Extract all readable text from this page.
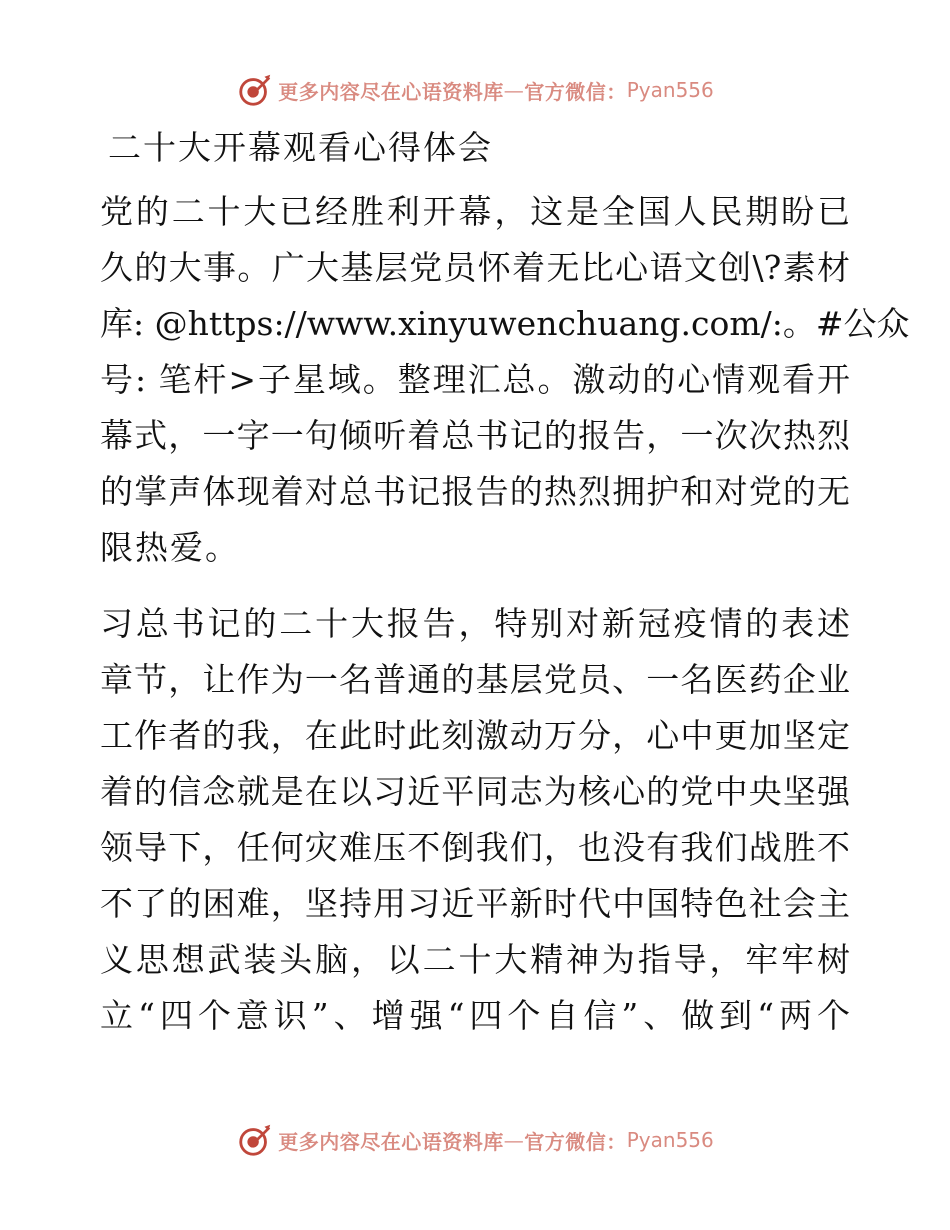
更多内容尽在心语资料库 — 官方微信： Pyan556
二十大开幕观看心得体会
党的二十大已经胜利开幕，这是全国人民期盼已
久的大事。广大基层党员怀着无比心语文创\?素材
库: @https://www.xinyuwenchuang.com/:。#公众
号: 笔杆>子星域。整理汇总。激动的心情观看开
幕式，一字一句倾听着总书记的报告，一次次热烈
的掌声体现着对总书记报告的热烈拥护和对党的无
限热爱。
习总书记的二十大报告，特别对新冠疫情的表述
章节，让作为一名普通的基层党员、一名医药企业
工作者的我，在此时此刻激动万分，心中更加坚定
着的信念就是在以习近平同志为核心的党中央坚强
领导下，任何灾难压不倒我们，也没有我们战胜不
不了的困难，坚持用习近平新时代中国特色社会主
义思想武装头脑，以二十大精神为指导，牢牢树
立“四个意识”、增强“四个自信”、做到“两个
更多内容尽在心语资料库 — 官方微信： Pyan556
